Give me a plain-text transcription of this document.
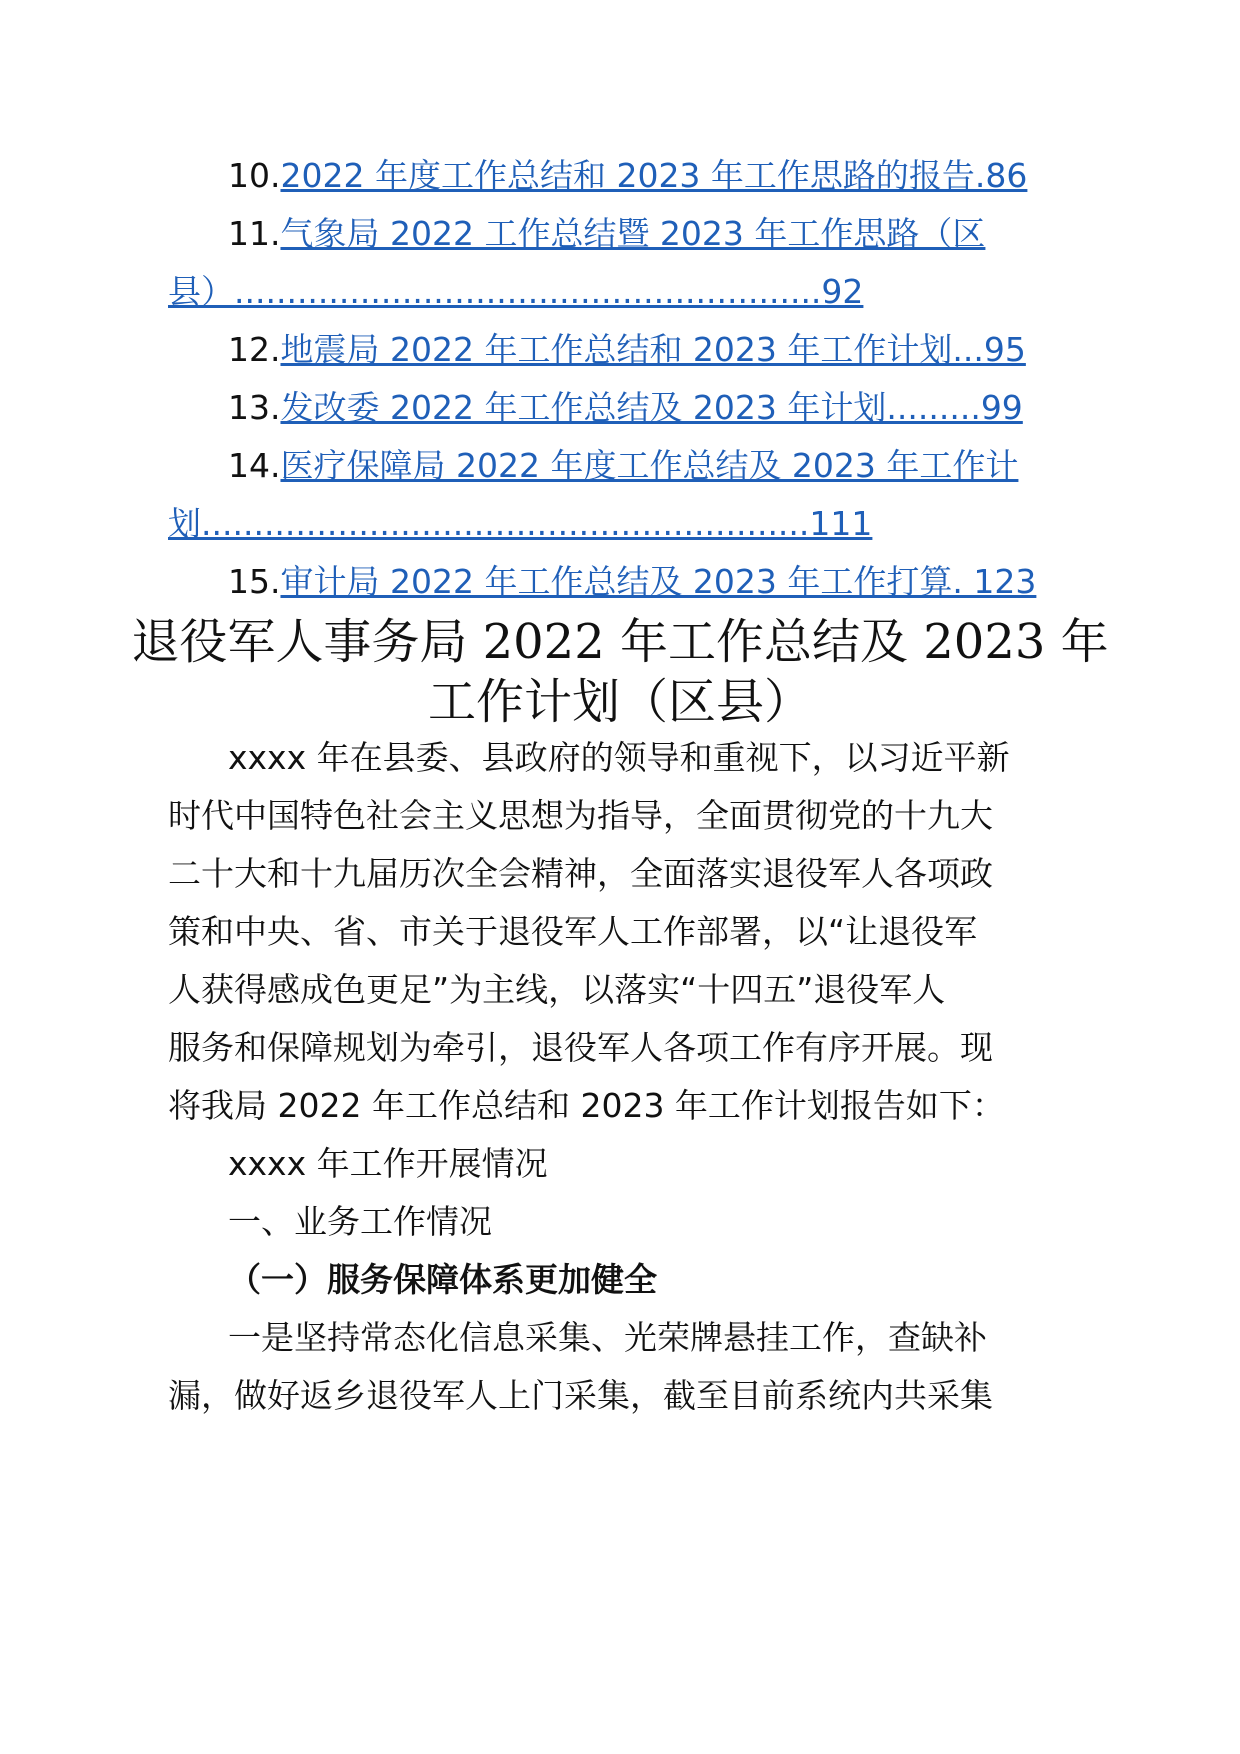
10.2022 年度工作总结和 2023 年工作思路的报告.86
11.气象局 2022 工作总结暨 2023 年工作思路（区
县）........................................................92
12.地震局 2022 年工作总结和 2023 年工作计划...95
13.发改委 2022 年工作总结及 2023 年计划.........99
14.医疗保障局 2022 年度工作总结及 2023 年工作计
划..........................................................111
15.审计局 2022 年工作总结及 2023 年工作打算. 123
退役军人事务局 2022 年工作总结及 2023 年
工作计划（区县）
xxxx 年在县委、县政府的领导和重视下，以习近平新
时代中国特色社会主义思想为指导，全面贯彻党的十九大
二十大和十九届历次全会精神，全面落实退役军人各项政
策和中央、省、市关于退役军人工作部署，以“让退役军
人获得感成色更足”为主线，以落实“十四五”退役军人
服务和保障规划为牵引，退役军人各项工作有序开展。现
将我局 2022 年工作总结和 2023 年工作计划报告如下：
xxxx 年工作开展情况
一、业务工作情况
（一）服务保障体系更加健全
一是坚持常态化信息采集、光荣牌悬挂工作，查缺补
漏，做好返乡退役军人上门采集，截至目前系统内共采集
